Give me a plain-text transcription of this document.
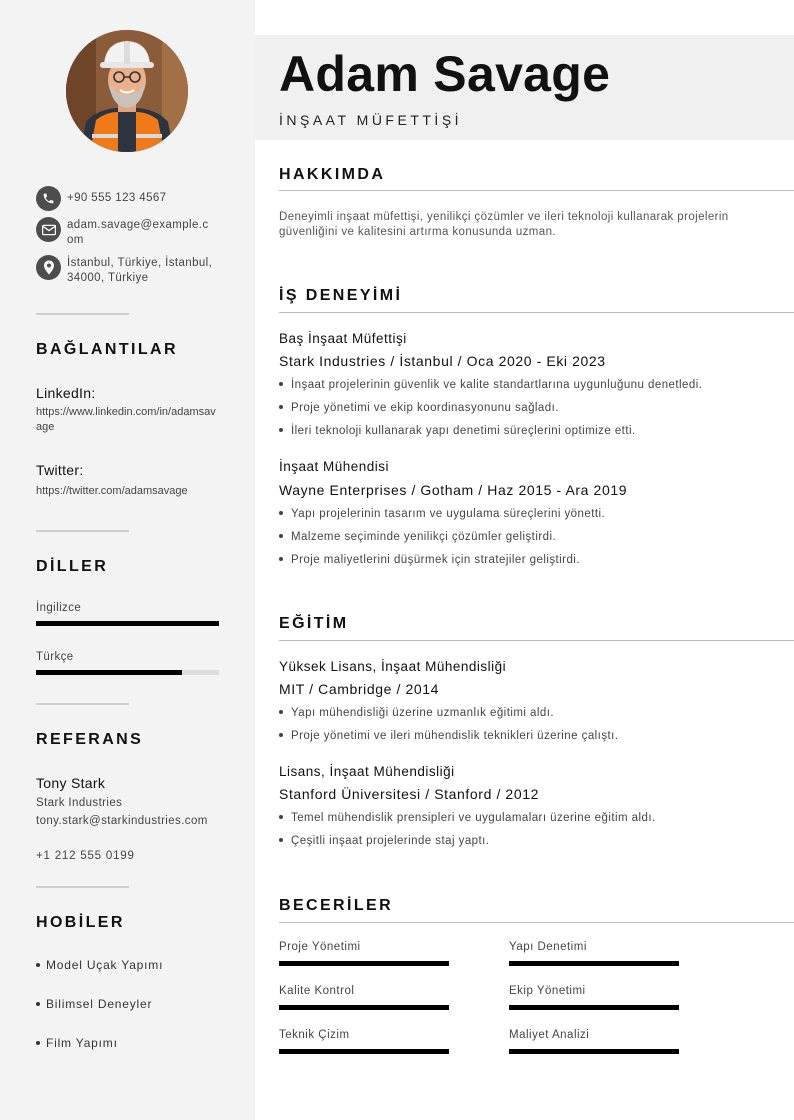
+90 555 123 4567
adam.savage@example.com
İstanbul, Türkiye, İstanbul, 34000, Türkiye
BAĞLANTILAR
LinkedIn:
https://www.linkedin.com/in/adamsavage
Twitter:
https://twitter.com/adamsavage
DİLLER
İngilizce
Türkçe
REFERANS
Tony Stark
Stark Industries
tony.stark@starkindustries.com
+1 212 555 0199
HOBİLER
Model Uçak Yapımı
Bilimsel Deneyler
Film Yapımı
Adam Savage
İNŞAAT MÜFETTİŞİ
HAKKIMDA
Deneyimli inşaat müfettişi, yenilikçi çözümler ve ileri teknoloji kullanarak projelerin güvenliğini ve kalitesini artırma konusunda uzman.
İŞ DENEYİMİ
Baş İnşaat Müfettişi
Stark Industries / İstanbul / Oca 2020 - Eki 2023
İnşaat projelerinin güvenlik ve kalite standartlarına uygunluğunu denetledi.
Proje yönetimi ve ekip koordinasyonunu sağladı.
İleri teknoloji kullanarak yapı denetimi süreçlerini optimize etti.
İnşaat Mühendisi
Wayne Enterprises / Gotham / Haz 2015 - Ara 2019
Yapı projelerinin tasarım ve uygulama süreçlerini yönetti.
Malzeme seçiminde yenilikçi çözümler geliştirdi.
Proje maliyetlerini düşürmek için stratejiler geliştirdi.
EĞİTİM
Yüksek Lisans, İnşaat Mühendisliği
MIT / Cambridge / 2014
Yapı mühendisliği üzerine uzmanlık eğitimi aldı.
Proje yönetimi ve ileri mühendislik teknikleri üzerine çalıştı.
Lisans, İnşaat Mühendisliği
Stanford Üniversitesi / Stanford / 2012
Temel mühendislik prensipleri ve uygulamaları üzerine eğitim aldı.
Çeşitli inşaat projelerinde staj yaptı.
BECERİLER
Proje Yönetimi	Yapı Denetimi
Kalite Kontrol	Ekip Yönetimi
Teknik Çizim	Maliyet Analizi
